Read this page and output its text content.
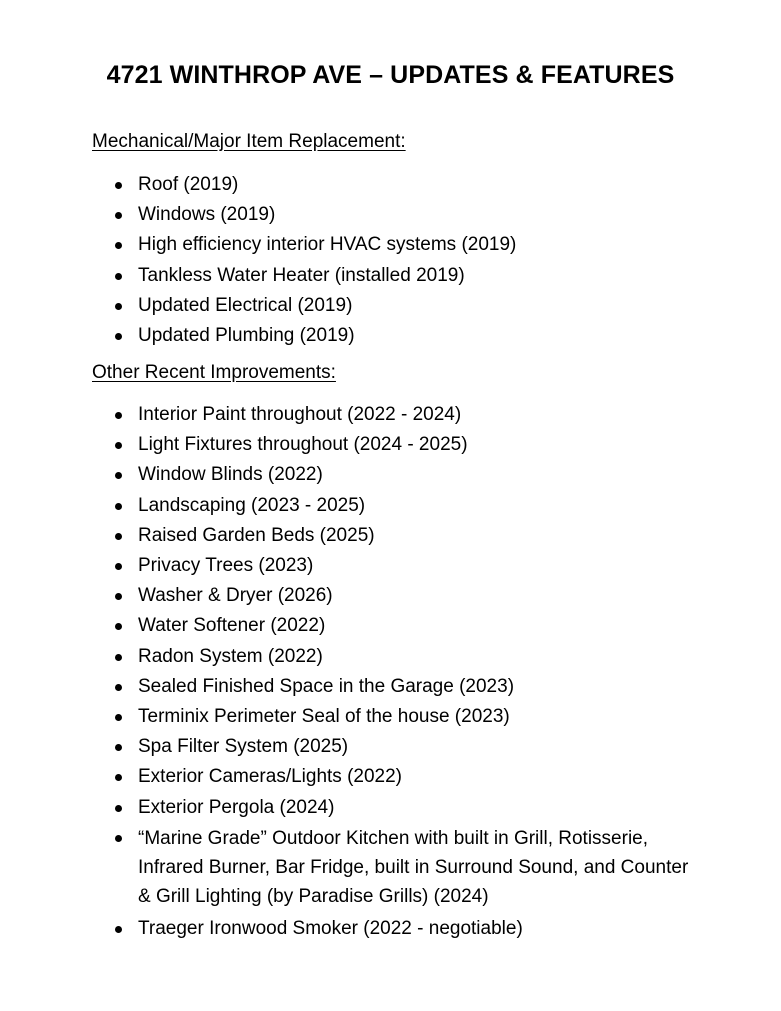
4721 WINTHROP AVE – UPDATES & FEATURES

Mechanical/Major Item Replacement:

Roof (2019)
Windows (2019)
High efficiency interior HVAC systems (2019)
Tankless Water Heater (installed 2019)
Updated Electrical (2019)
Updated Plumbing (2019)

Other Recent Improvements:

Interior Paint throughout (2022 - 2024)
Light Fixtures throughout (2024 - 2025)
Window Blinds (2022)
Landscaping (2023 - 2025)
Raised Garden Beds (2025)
Privacy Trees (2023)
Washer & Dryer (2026)
Water Softener (2022)
Radon System (2022)
Sealed Finished Space in the Garage (2023)
Terminix Perimeter Seal of the house (2023)
Spa Filter System (2025)
Exterior Cameras/Lights (2022)
Exterior Pergola (2024)
“Marine Grade” Outdoor Kitchen with built in Grill, Rotisserie, Infrared Burner, Bar Fridge, built in Surround Sound, and Counter & Grill Lighting (by Paradise Grills) (2024)
Traeger Ironwood Smoker (2022 - negotiable)
